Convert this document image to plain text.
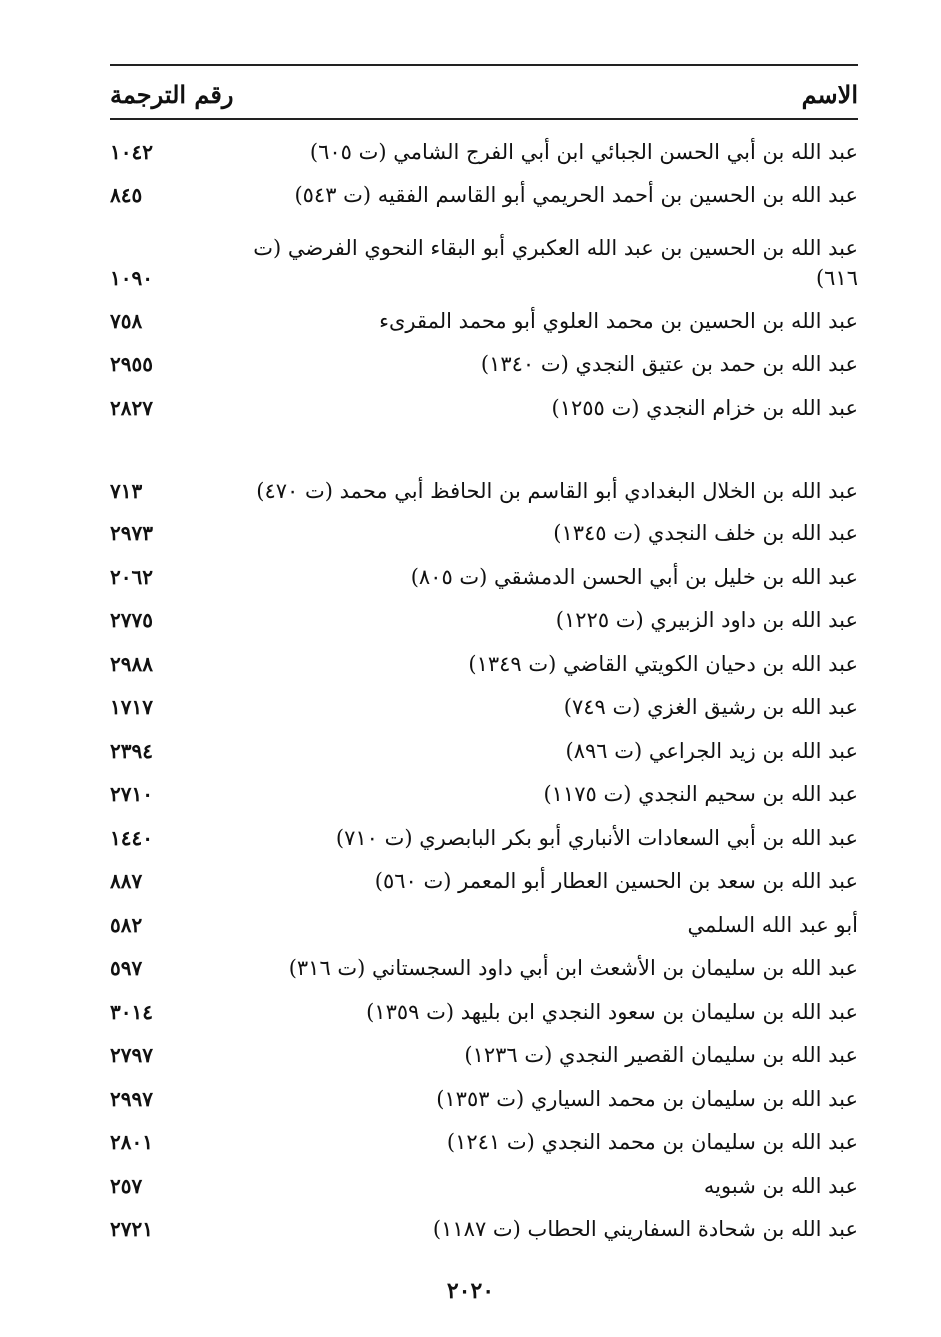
رقم الترجمة	الاسم
عبد الله بن أبي الحسن الجبائي ابن أبي الفرج الشامي (ت ٦٠٥)
١٠٤٢
عبد الله بن الحسين بن أحمد الحريمي أبو القاسم الفقيه (ت ٥٤٣)
٨٤٥
عبد الله بن الحسين بن عبد الله العكبري أبو البقاء النحوي الفرضي (ت ٦١٦)
١٠٩٠
عبد الله بن الحسين بن محمد العلوي أبو محمد المقرىء
٧٥٨
عبد الله بن حمد بن عتيق النجدي (ت ١٣٤٠)
٢٩٥٥
عبد الله بن خزام النجدي (ت ١٢٥٥)
٢٨٢٧
عبد الله بن الخلال البغدادي أبو القاسم بن الحافظ أبي محمد (ت ٤٧٠)
٧١٣
عبد الله بن خلف النجدي (ت ١٣٤٥)
٢٩٧٣
عبد الله بن خليل بن أبي الحسن الدمشقي (ت ٨٠٥)
٢٠٦٢
عبد الله بن داود الزبيري (ت ١٢٢٥)
٢٧٧٥
عبد الله بن دحيان الكويتي القاضي (ت ١٣٤٩)
٢٩٨٨
عبد الله بن رشيق الغزي (ت ٧٤٩)
١٧١٧
عبد الله بن زيد الجراعي (ت ٨٩٦)
٢٣٩٤
عبد الله بن سحيم النجدي (ت ١١٧٥)
٢٧١٠
عبد الله بن أبي السعادات الأنباري أبو بكر البابصري (ت ٧١٠)
١٤٤٠
عبد الله بن سعد بن الحسين العطار أبو المعمر (ت ٥٦٠)
٨٨٧
أبو عبد الله السلمي
٥٨٢
عبد الله بن سليمان بن الأشعث ابن أبي داود السجستاني (ت ٣١٦)
٥٩٧
عبد الله بن سليمان بن سعود النجدي ابن بليهد (ت ١٣٥٩)
٣٠١٤
عبد الله بن سليمان القصير النجدي (ت ١٢٣٦)
٢٧٩٧
عبد الله بن سليمان بن محمد السياري (ت ١٣٥٣)
٢٩٩٧
عبد الله بن سليمان بن محمد النجدي (ت ١٢٤١)
٢٨٠١
عبد الله بن شبويه
٢٥٧
عبد الله بن شحادة السفاريني الحطاب (ت ١١٨٧)
٢٧٢١
٢٠٢٠
